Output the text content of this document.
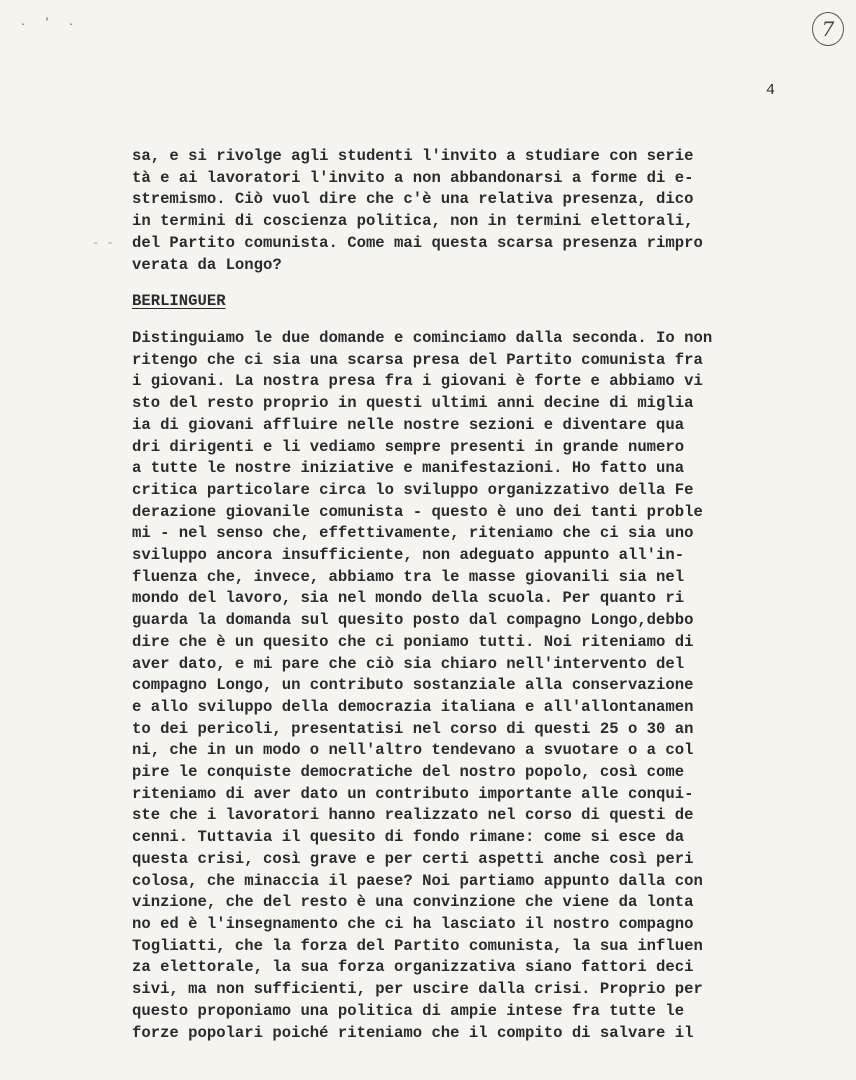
. ' .	7
4
- -
sa, e si rivolge agli studenti l'invito a studiare con serie
tà e ai lavoratori l'invito a non abbandonarsi a forme di e-
stremismo. Ciò vuol dire che c'è una relativa presenza, dico
in termini di coscienza politica, non in termini elettorali,
del Partito comunista. Come mai questa scarsa presenza rimpro
verata da Longo?
BERLINGUER
Distinguiamo le due domande e cominciamo dalla seconda. Io non
ritengo che ci sia una scarsa presa del Partito comunista fra
i giovani. La nostra presa fra i giovani è forte e abbiamo vi
sto del resto proprio in questi ultimi anni decine di miglia
ia di giovani affluire nelle nostre sezioni e diventare qua
dri dirigenti e li vediamo sempre presenti in grande numero
a tutte le nostre iniziative e manifestazioni. Ho fatto una
critica particolare circa lo sviluppo organizzativo della Fe
derazione giovanile comunista - questo è uno dei tanti proble
mi - nel senso che, effettivamente, riteniamo che ci sia uno
sviluppo ancora insufficiente, non adeguato appunto all'in-
fluenza che, invece, abbiamo tra le masse giovanili sia nel
mondo del lavoro, sia nel mondo della scuola. Per quanto ri
guarda la domanda sul quesito posto dal compagno Longo,debbo
dire che è un quesito che ci poniamo tutti. Noi riteniamo di
aver dato, e mi pare che ciò sia chiaro nell'intervento del
compagno Longo, un contributo sostanziale alla conservazione
e allo sviluppo della democrazia italiana e all'allontanamen
to dei pericoli, presentatisi nel corso di questi 25 o 30 an
ni, che in un modo o nell'altro tendevano a svuotare o a col
pire le conquiste democratiche del nostro popolo, così come
riteniamo di aver dato un contributo importante alle conqui-
ste che i lavoratori hanno realizzato nel corso di questi de
cenni. Tuttavia il quesito di fondo rimane: come si esce da
questa crisi, così grave e per certi aspetti anche così peri
colosa, che minaccia il paese? Noi partiamo appunto dalla con
vinzione, che del resto è una convinzione che viene da lonta
no ed è l'insegnamento che ci ha lasciato il nostro compagno
Togliatti, che la forza del Partito comunista, la sua influen
za elettorale, la sua forza organizzativa siano fattori deci
sivi, ma non sufficienti, per uscire dalla crisi. Proprio per
questo proponiamo una politica di ampie intese fra tutte le
forze popolari poiché riteniamo che il compito di salvare il
